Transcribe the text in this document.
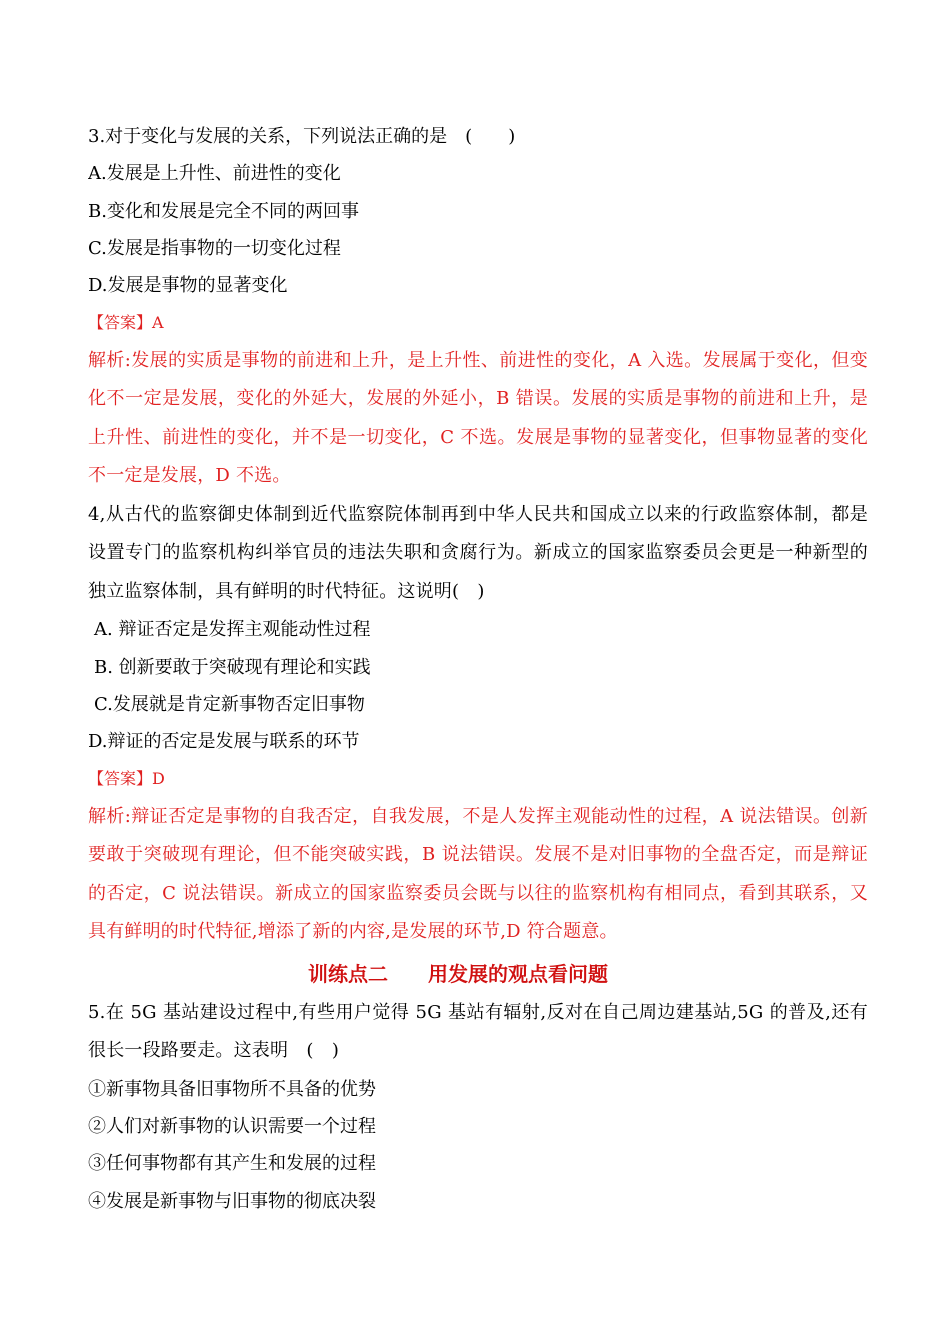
3.对于变化与发展的关系，下列说法正确的是　(　　)
A.发展是上升性、前进性的变化
B.变化和发展是完全不同的两回事
C.发展是指事物的一切变化过程
D.发展是事物的显著变化
【答案】A
解析:发展的实质是事物的前进和上升，是上升性、前进性的变化，A 入选。发展属于变化，但变化不一定是发展，变化的外延大，发展的外延小，B 错误。发展的实质是事物的前进和上升，是上升性、前进性的变化，并不是一切变化，C 不选。发展是事物的显著变化，但事物显著的变化不一定是发展，D 不选。
4,从古代的监察御史体制到近代监察院体制再到中华人民共和国成立以来的行政监察体制，都是设置专门的监察机构纠举官员的违法失职和贪腐行为。新成立的国家监察委员会更是一种新型的独立监察体制，具有鲜明的时代特征。这说明(　)
A. 辩证否定是发挥主观能动性过程
B. 创新要敢于突破现有理论和实践
C.发展就是肯定新事物否定旧事物
D.辩证的否定是发展与联系的环节
【答案】D
解析:辩证否定是事物的自我否定，自我发展，不是人发挥主观能动性的过程，A 说法错误。创新要敢于突破现有理论，但不能突破实践，B 说法错误。发展不是对旧事物的全盘否定，而是辩证的否定，C 说法错误。新成立的国家监察委员会既与以往的监察机构有相同点，看到其联系，又具有鲜明的时代特征,增添了新的内容,是发展的环节,D 符合题意。
训练点二　　用发展的观点看问题
5.在 5G 基站建设过程中,有些用户觉得 5G 基站有辐射,反对在自己周边建基站,5G 的普及,还有很长一段路要走。这表明　(　)
①新事物具备旧事物所不具备的优势
②人们对新事物的认识需要一个过程
③任何事物都有其产生和发展的过程
④发展是新事物与旧事物的彻底决裂
